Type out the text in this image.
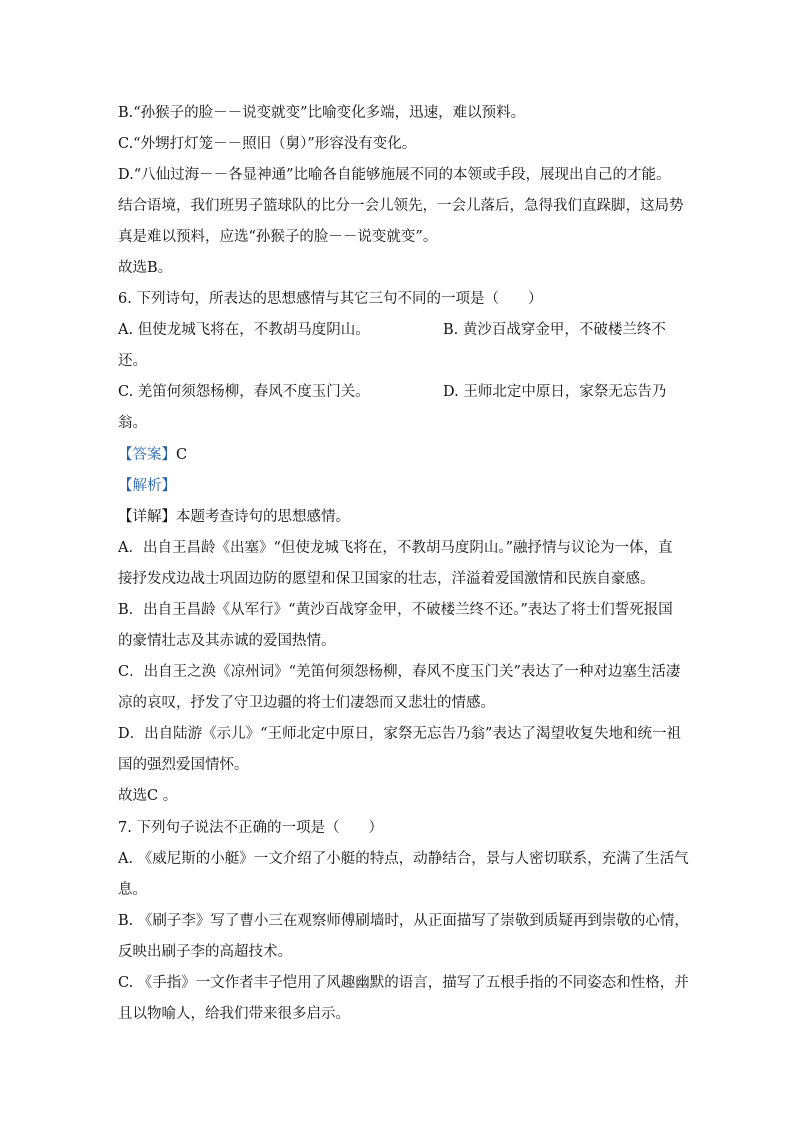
B.“孙猴子的脸－－说变就变”比喻变化多端，迅速，难以预料。
C.“外甥打灯笼－－照旧（舅）”形容没有变化。
D.“八仙过海－－各显神通”比喻各自能够施展不同的本领或手段，展现出自己的才能。
结合语境，我们班男子篮球队的比分一会儿领先，一会儿落后，急得我们直跺脚，这局势
真是难以预料，应选“孙猴子的脸－－说变就变”。
故选B。
6. 下列诗句，所表达的思想感情与其它三句不同的一项是（　　）
A. 但使龙城飞将在，不教胡马度阴山。	B. 黄沙百战穿金甲，不破楼兰终不
还。
C. 羌笛何须怨杨柳，春风不度玉门关。	D. 王师北定中原日，家祭无忘告乃
翁。
【答案】C
【解析】
【详解】本题考查诗句的思想感情。
A．出自王昌龄《出塞》“但使龙城飞将在，不教胡马度阴山。”融抒情与议论为一体，直
接抒发戍边战士巩固边防的愿望和保卫国家的壮志，洋溢着爱国激情和民族自豪感。
B．出自王昌龄《从军行》“黄沙百战穿金甲，不破楼兰终不还。”表达了将士们誓死报国
的豪情壮志及其赤诚的爱国热情。
C．出自王之涣《凉州词》“羌笛何须怨杨柳，春风不度玉门关”表达了一种对边塞生活凄
凉的哀叹，抒发了守卫边疆的将士们凄怨而又悲壮的情感。
D．出自陆游《示儿》“王师北定中原日，家祭无忘告乃翁”表达了渴望收复失地和统一祖
国的强烈爱国情怀。
故选C 。
7. 下列句子说法不正确的一项是（　　）
A. 《威尼斯的小艇》一文介绍了小艇的特点，动静结合，景与人密切联系，充满了生活气
息。
B. 《刷子李》写了曹小三在观察师傅刷墙时，从正面描写了崇敬到质疑再到崇敬的心情，
反映出刷子李的高超技术。
C. 《手指》一文作者丰子恺用了风趣幽默的语言，描写了五根手指的不同姿态和性格，并
且以物喻人，给我们带来很多启示。
